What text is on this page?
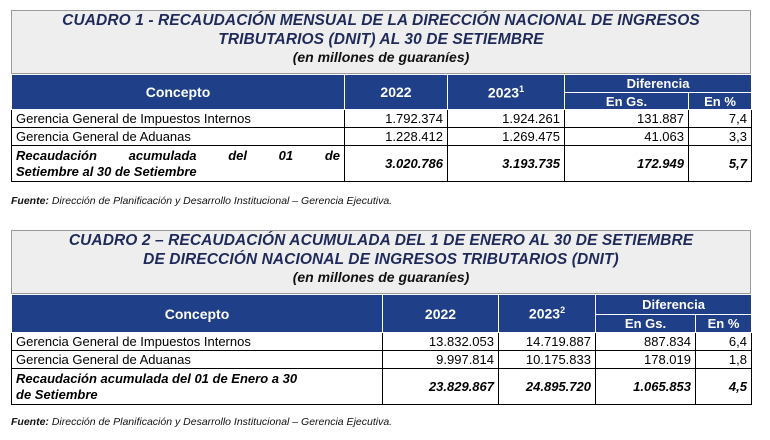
CUADRO 1 - RECAUDACIÓN MENSUAL DE LA DIRECCIÓN NACIONAL DE INGRESOS
TRIBUTARIOS (DNIT) AL 30 DE SETIEMBRE
(en millones de guaraníes)
Concepto	2022	2023$^1$	Diferencia	
			En Gs.	En %
Gerencia General de Impuestos Internos	1.792.374	1.924.261	131.887	7,4
Gerencia General de Aduanas	1.228.412	1.269.475	41.063	3,3

Recaudación acumulada del 01 de
Setiembre al 30 de Setiembre	3.020.786	3.193.735	172.949	5,7
Fuente: Dirección de Planificación y Desarrollo Institucional – Gerencia Ejecutiva.
CUADRO 2 – RECAUDACIÓN ACUMULADA DEL 1 DE ENERO AL 30 DE SETIEMBRE
DE DIRECCIÓN NACIONAL DE INGRESOS TRIBUTARIOS (DNIT)
(en millones de guaraníes)
Concepto	2022	2023$^2$	Diferencia	
			En Gs.	En %
Gerencia General de Impuestos Internos	13.832.053	14.719.887	887.834	6,4
Gerencia General de Aduanas	9.997.814	10.175.833	178.019	1,8

Recaudación acumulada del 01 de Enero a 30
de Setiembre	23.829.867	24.895.720	1.065.853	4,5
Fuente: Dirección de Planificación y Desarrollo Institucional – Gerencia Ejecutiva.
